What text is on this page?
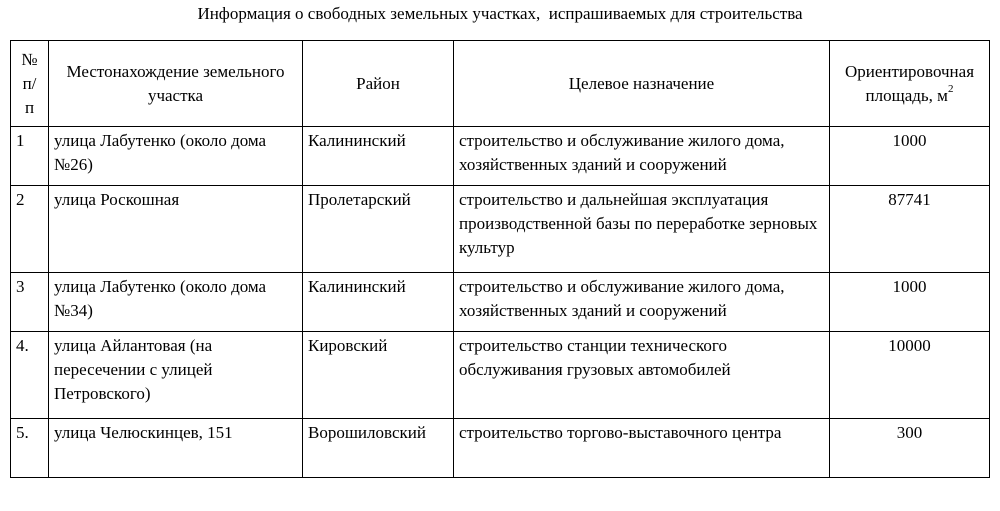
Информация о свободных земельных участках,  испрашиваемых для строительства
№ п/ п	Местонахождение земельного участка	Район	Целевое назначение	Ориентировочная площадь, $м^2$
1	улица Лабутенко (около дома №26)	Калининский	строительство и обслуживание жилого дома, хозяйственных зданий и сооружений	1000
2	улица Роскошная	Пролетарский	строительство и дальнейшая эксплуатация производственной базы по переработке зерновых культур	87741
3	улица Лабутенко (около дома №34)	Калининский	строительство и обслуживание жилого дома, хозяйственных зданий и сооружений	1000
4.	улица Айлантовая (на пересечении с улицей Петровского)	Кировский	строительство станции технического обслуживания грузовых автомобилей	10000
5.	улица Челюскинцев, 151	Ворошиловский	строительство торгово-выставочного центра	300
